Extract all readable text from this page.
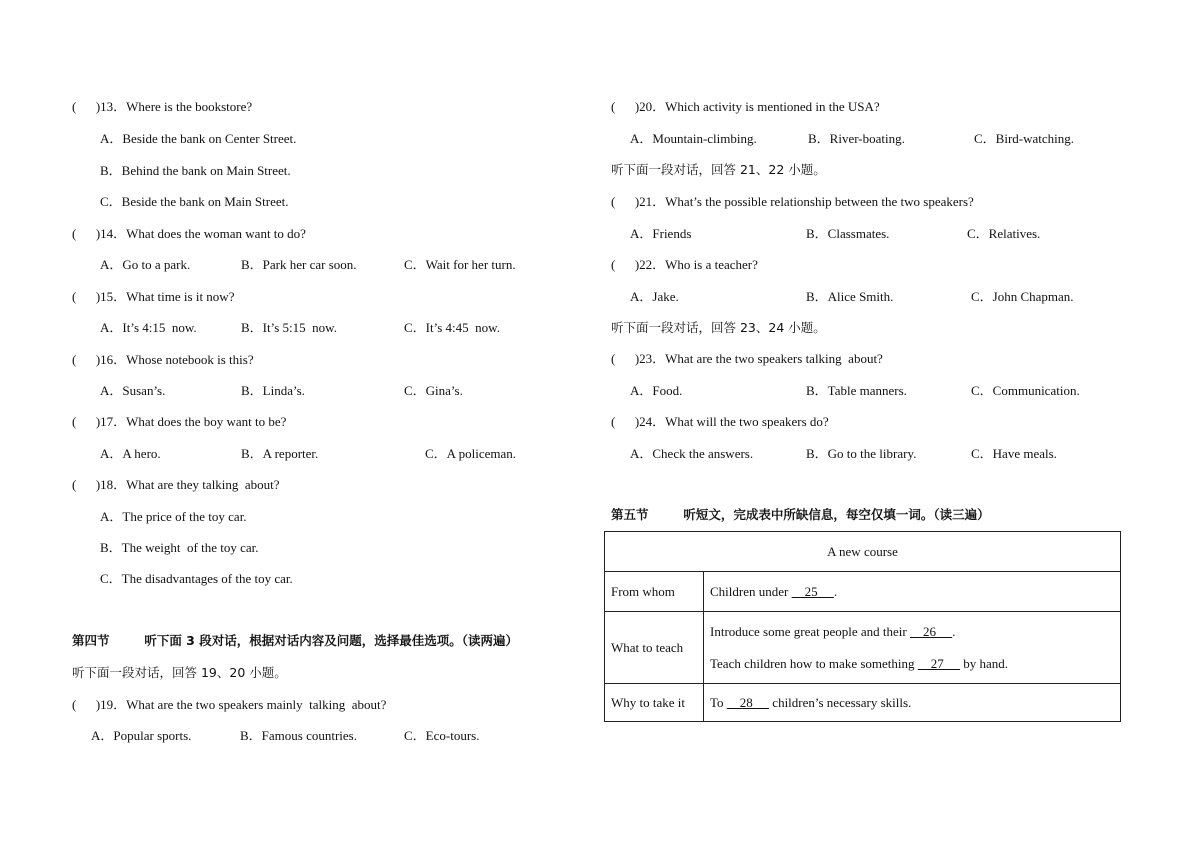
(      )13．Where is the bookstore?
A．Beside the bank on Center Street.
B．Behind the bank on Main Street.
C．Beside the bank on Main Street.
(      )14．What does the woman want to do?
A．Go to a park.	B．Park her car soon.	C．Wait for her turn.
(      )15．What time is it now?
A．It’s 4:15  now.	B．It’s 5:15  now.	C．It’s 4:45  now.
(      )16．Whose notebook is this?
A．Susan’s.	B．Linda’s.	C．Gina’s.
(      )17．What does the boy want to be?
A．A hero.	B．A reporter.	C．A policeman.
(      )18．What are they talking  about?
A．The price of the toy car.
B．The weight  of the toy car.
C．The disadvantages of the toy car.
第四节        听下面 3 段对话，根据对话内容及问题，选择最佳选项。（读两遍）
听下面一段对话，回答 19、20 小题。
(      )19．What are the two speakers mainly  talking  about?
A．Popular sports.	B．Famous countries.	C．Eco-tours.
(      )20．Which activity is mentioned in the USA?
A．Mountain-climbing.	B．River-boating.	C．Bird-watching.
听下面一段对话，回答 21、22 小题。
(      )21．What’s the possible relationship between the two speakers?
A．Friends	B．Classmates.	C．Relatives.
(      )22．Who is a teacher?
A．Jake.	B．Alice Smith.	C．John Chapman.
听下面一段对话，回答 23、24 小题。
(      )23．What are the two speakers talking  about?
A．Food.	B．Table manners.	C．Communication.
(      )24．What will the two speakers do?
A．Check the answers.	B．Go to the library.	C．Have meals.
第五节        听短文，完成表中所缺信息，每空仅填一词。（读三遍）
A new course	
From whom	Children under     25     .
What to teach	Introduce some great people and their     26     .
Teach children how to make something     27      by hand.

Why to take it	To     28      children’s necessary skills.
